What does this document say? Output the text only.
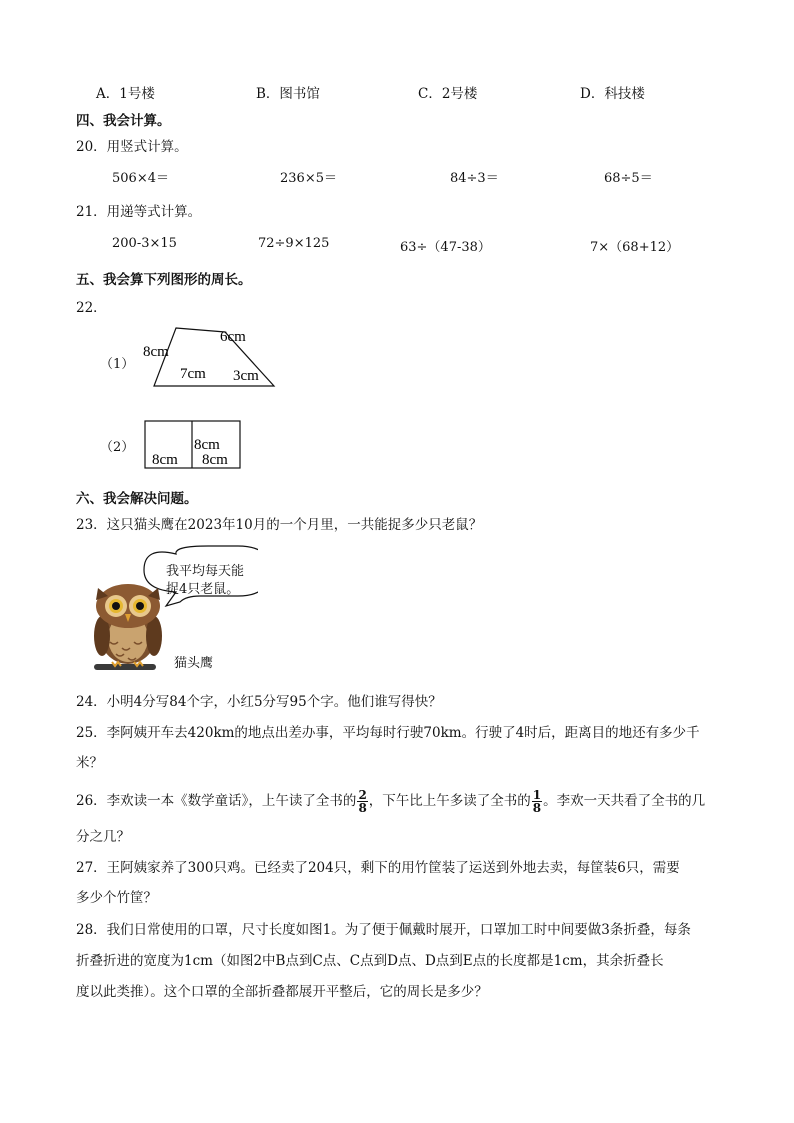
A．1号楼	B．图书馆	C．2号楼	D．科技楼
四、我会计算。
20．用竖式计算。
506×4＝	236×5＝	84÷3＝	68÷5＝
21．用递等式计算。
200-3×15	72÷9×125	63÷（47-38）	7×（68+12）
五、我会算下列图形的周长。
22．
（1）
8cm
6cm
7cm 3cm
（2）
8cm
8cm
8cm
六、我会解决问题。
23．这只猫头鹰在2023年10月的一个月里，一共能捉多少只老鼠？
我平均每天能
捉4只老鼠。
猫头鹰
24．小明4分写84个字，小红5分写95个字。他们谁写得快？
25．李阿姨开车去420km的地点出差办事，平均每时行驶70km。行驶了4时后，距离目的地还有多少千
米？
26．李欢读一本《数学童话》，上午读了全书的 $\frac{2}{8}$ ，下午比上午多读了全书的 $\frac{1}{8}$ 。李欢一天共看了全书的几
分之几？
27．王阿姨家养了300只鸡。已经卖了204只，剩下的用竹筐装了运送到外地去卖，每筐装6只，需要
多少个竹筐？
28．我们日常使用的口罩，尺寸长度如图1。为了便于佩戴时展开，口罩加工时中间要做3条折叠，每条
折叠折进的宽度为1cm（如图2中B点到C点、C点到D点、D点到E点的长度都是1cm，其余折叠长
度以此类推）。这个口罩的全部折叠都展开平整后，它的周长是多少？
